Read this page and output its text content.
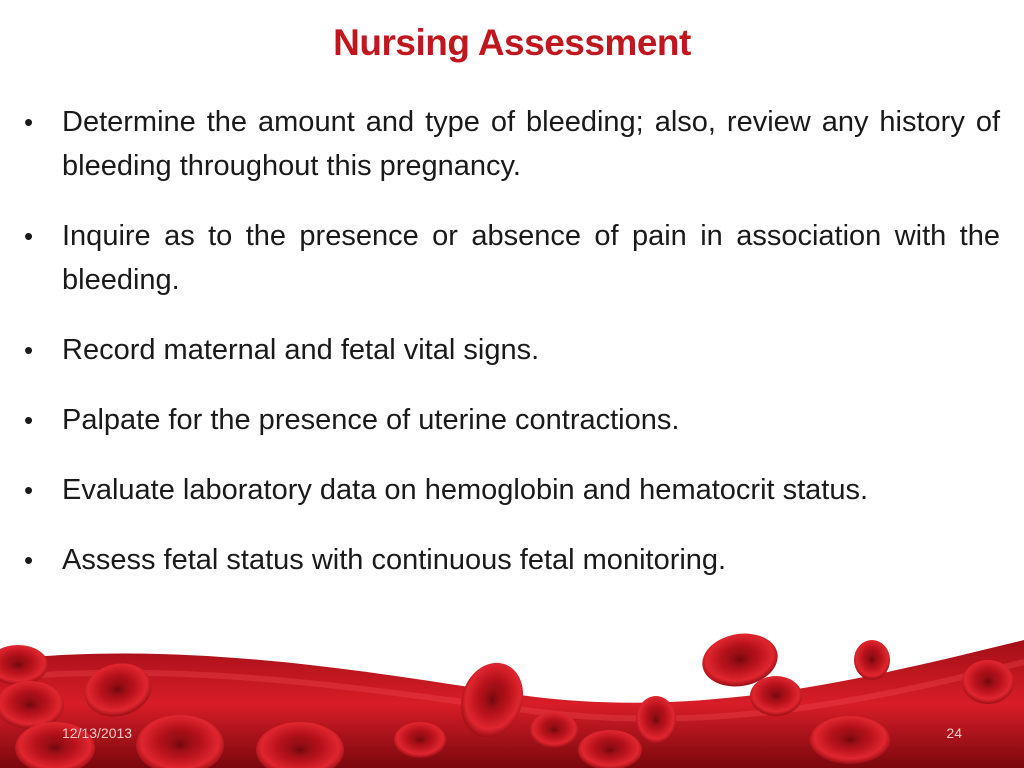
Nursing Assessment
• Determine the amount and type of bleeding; also, review any history of bleeding throughout this pregnancy.
• Inquire as to the presence or absence of pain in association with the bleeding.
• Record maternal and fetal vital signs.
• Palpate for the presence of uterine contractions.
• Evaluate laboratory data on hemoglobin and hematocrit status.
• Assess fetal status with continuous fetal monitoring.
12/13/2013	24
